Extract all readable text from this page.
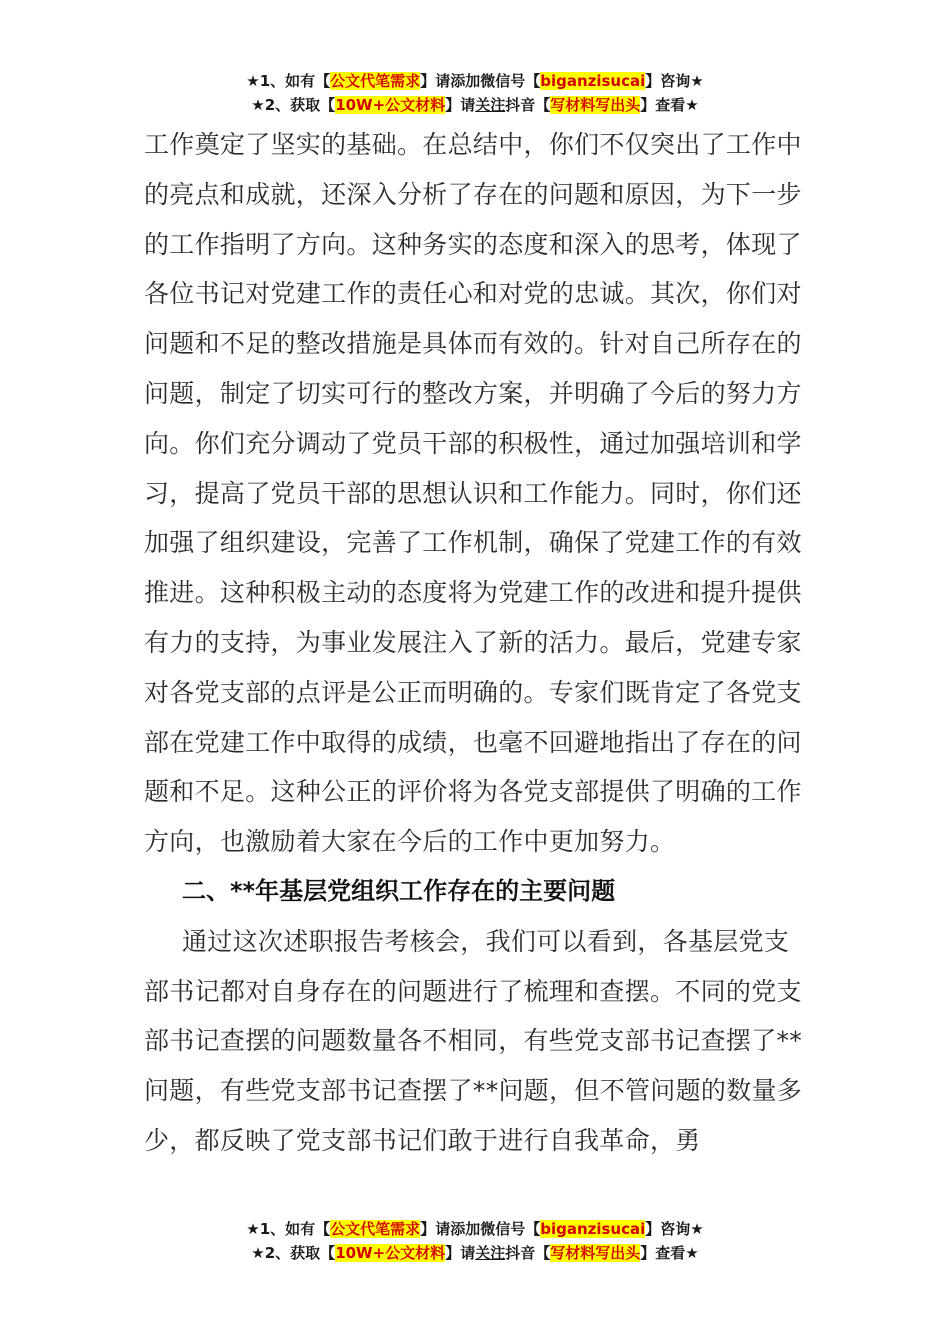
★1、如有【公文代笔需求】请添加微信号【biganzisucai】咨询★
★2、获取【10W+公文材料】请关注抖音【写材料写出头】查看★

工作奠定了坚实的基础。在总结中，你们不仅突出了工作中的亮点和成就，还深入分析了存在的问题和原因，为下一步的工作指明了方向。这种务实的态度和深入的思考，体现了各位书记对党建工作的责任心和对党的忠诚。其次，你们对问题和不足的整改措施是具体而有效的。针对自己所存在的问题，制定了切实可行的整改方案，并明确了今后的努力方向。你们充分调动了党员干部的积极性，通过加强培训和学习，提高了党员干部的思想认识和工作能力。同时，你们还加强了组织建设，完善了工作机制，确保了党建工作的有效推进。这种积极主动的态度将为党建工作的改进和提升提供有力的支持，为事业发展注入了新的活力。最后，党建专家对各党支部的点评是公正而明确的。专家们既肯定了各党支部在党建工作中取得的成绩，也毫不回避地指出了存在的问题和不足。这种公正的评价将为各党支部提供了明确的工作方向，也激励着大家在今后的工作中更加努力。

二、**年基层党组织工作存在的主要问题

通过这次述职报告考核会，我们可以看到，各基层党支部书记都对自身存在的问题进行了梳理和查摆。不同的党支部书记查摆的问题数量各不相同，有些党支部书记查摆了**问题，有些党支部书记查摆了**问题，但不管问题的数量多少，都反映了党支部书记们敢于进行自我革命，勇

★1、如有【公文代笔需求】请添加微信号【biganzisucai】咨询★
★2、获取【10W+公文材料】请关注抖音【写材料写出头】查看★
